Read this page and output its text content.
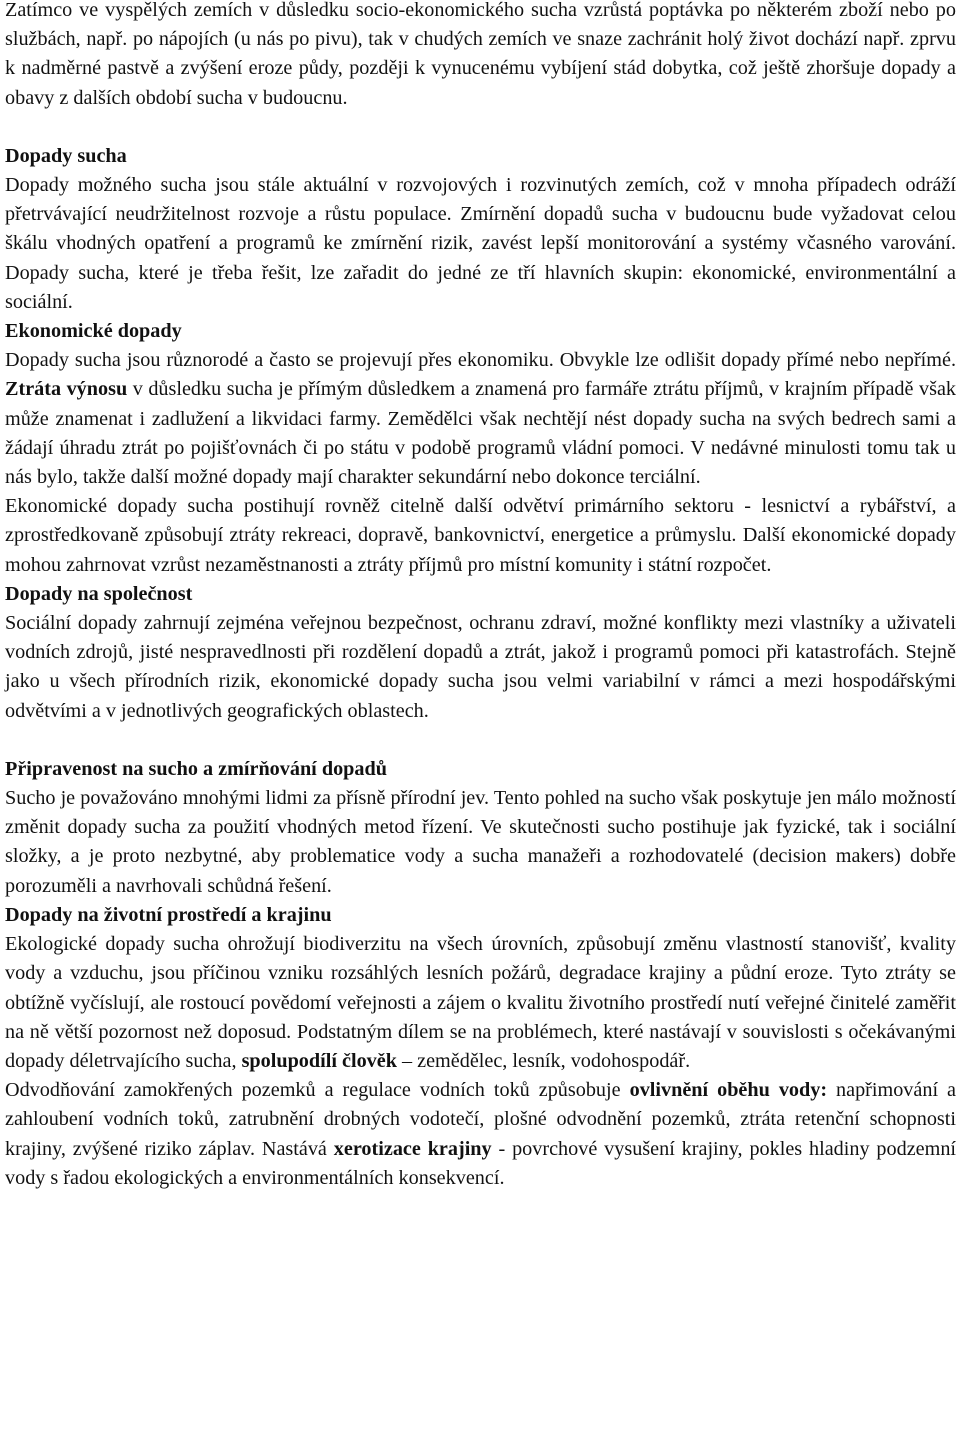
Zatímco ve vyspělých zemích v důsledku socio-ekonomického sucha vzrůstá poptávka po některém zboží nebo po službách, např. po nápojích (u nás po pivu), tak v chudých zemích ve snaze zachránit holý život dochází např. zprvu k nadměrné pastvě a zvýšení eroze půdy, později k vynucenému vybíjení stád dobytka, což ještě zhoršuje dopady a obavy z dalších období sucha v budoucnu.

Dopady sucha

Dopady možného sucha jsou stále aktuální v rozvojových i rozvinutých zemích, což v mnoha případech odráží přetrvávající neudržitelnost rozvoje a růstu populace. Zmírnění dopadů sucha v budoucnu bude vyžadovat celou škálu vhodných opatření a programů ke zmírnění rizik, zavést lepší monitorování a systémy včasného varování. Dopady sucha, které je třeba řešit, lze zařadit do jedné ze tří hlavních skupin: ekonomické, environmentální a sociální.

Ekonomické dopady

Dopady sucha jsou různorodé a často se projevují přes ekonomiku. Obvykle lze odlišit dopady přímé nebo nepřímé. Ztráta výnosu v důsledku sucha je přímým důsledkem a znamená pro farmáře ztrátu příjmů, v krajním případě však může znamenat i zadlužení a likvidaci farmy. Zemědělci však nechtějí nést dopady sucha na svých bedrech sami a žádají úhradu ztrát po pojišťovnách či po státu v podobě programů vládní pomoci. V nedávné minulosti tomu tak u nás bylo, takže další možné dopady mají charakter sekundární nebo dokonce terciální.

Ekonomické dopady sucha postihují rovněž citelně další odvětví primárního sektoru - lesnictví a rybářství, a zprostředkovaně způsobují ztráty rekreaci, dopravě, bankovnictví, energetice a průmyslu. Další ekonomické dopady mohou zahrnovat vzrůst nezaměstnanosti a ztráty příjmů pro místní komunity i státní rozpočet.

Dopady na společnost

Sociální dopady zahrnují zejména veřejnou bezpečnost, ochranu zdraví, možné konflikty mezi vlastníky a uživateli vodních zdrojů, jisté nespravedlnosti při rozdělení dopadů a ztrát, jakož i programů pomoci při katastrofách. Stejně jako u všech přírodních rizik, ekonomické dopady sucha jsou velmi variabilní v rámci a mezi hospodářskými odvětvími a v jednotlivých geografických oblastech.

Připravenost na sucho a zmírňování dopadů

Sucho je považováno mnohými lidmi za přísně přírodní jev. Tento pohled na sucho však poskytuje jen málo možností změnit dopady sucha za použití vhodných metod řízení. Ve skutečnosti sucho postihuje jak fyzické, tak i sociální složky, a je proto nezbytné, aby problematice vody a sucha manažeři a rozhodovatelé (decision makers) dobře porozuměli a navrhovali schůdná řešení.

Dopady na životní prostředí a krajinu

Ekologické dopady sucha ohrožují biodiverzitu na všech úrovních, způsobují změnu vlastností stanovišť, kvality vody a vzduchu, jsou příčinou vzniku rozsáhlých lesních požárů, degradace krajiny a půdní eroze. Tyto ztráty se obtížně vyčíslují, ale rostoucí povědomí veřejnosti a zájem o kvalitu životního prostředí nutí veřejné činitelé zaměřit na ně větší pozornost než doposud. Podstatným dílem se na problémech, které nastávají v souvislosti s očekávanými dopady déletrvajícího sucha, spolupodílí člověk – zemědělec, lesník, vodohospodář.

Odvodňování zamokřených pozemků a regulace vodních toků způsobuje ovlivnění oběhu vody: napřimování a zahloubení vodních toků, zatrubnění drobných vodotečí, plošné odvodnění pozemků, ztráta retenční schopnosti krajiny, zvýšené riziko záplav. Nastává xerotizace krajiny - povrchové vysušení krajiny, pokles hladiny podzemní vody s řadou ekologických a environmentálních konsekvencí.
